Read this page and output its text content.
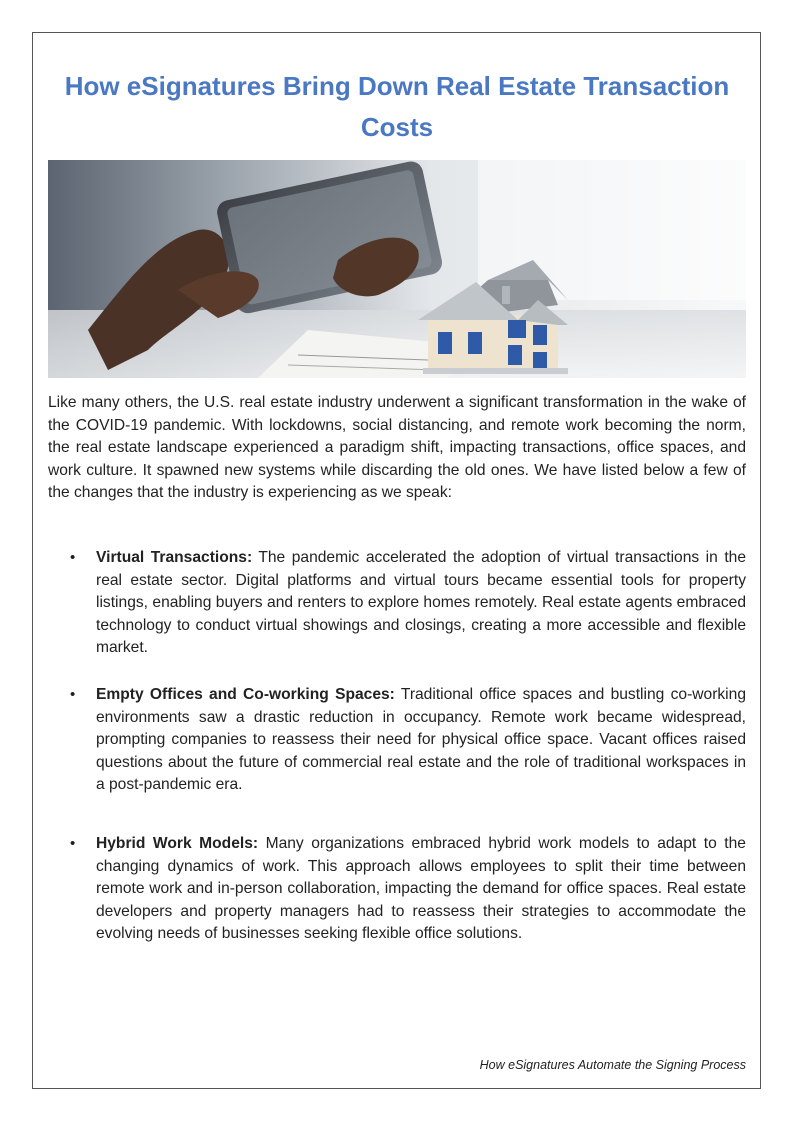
How eSignatures Bring Down Real Estate Transaction Costs

Like many others, the U.S. real estate industry underwent a significant transformation in the wake of the COVID-19 pandemic. With lockdowns, social distancing, and remote work becoming the norm, the real estate landscape experienced a paradigm shift, impacting transactions, office spaces, and work culture. It spawned new systems while discarding the old ones. We have listed below a few of the changes that the industry is experiencing as we speak:

• Virtual Transactions: The pandemic accelerated the adoption of virtual transactions in the real estate sector. Digital platforms and virtual tours became essential tools for property listings, enabling buyers and renters to explore homes remotely. Real estate agents embraced technology to conduct virtual showings and closings, creating a more accessible and flexible market.
• Empty Offices and Co-working Spaces: Traditional office spaces and bustling co-working environments saw a drastic reduction in occupancy. Remote work became widespread, prompting companies to reassess their need for physical office space. Vacant offices raised questions about the future of commercial real estate and the role of traditional workspaces in a post-pandemic era.
• Hybrid Work Models: Many organizations embraced hybrid work models to adapt to the changing dynamics of work. This approach allows employees to split their time between remote work and in-person collaboration, impacting the demand for office spaces. Real estate developers and property managers had to reassess their strategies to accommodate the evolving needs of businesses seeking flexible office solutions.
How eSignatures Automate the Signing Process
